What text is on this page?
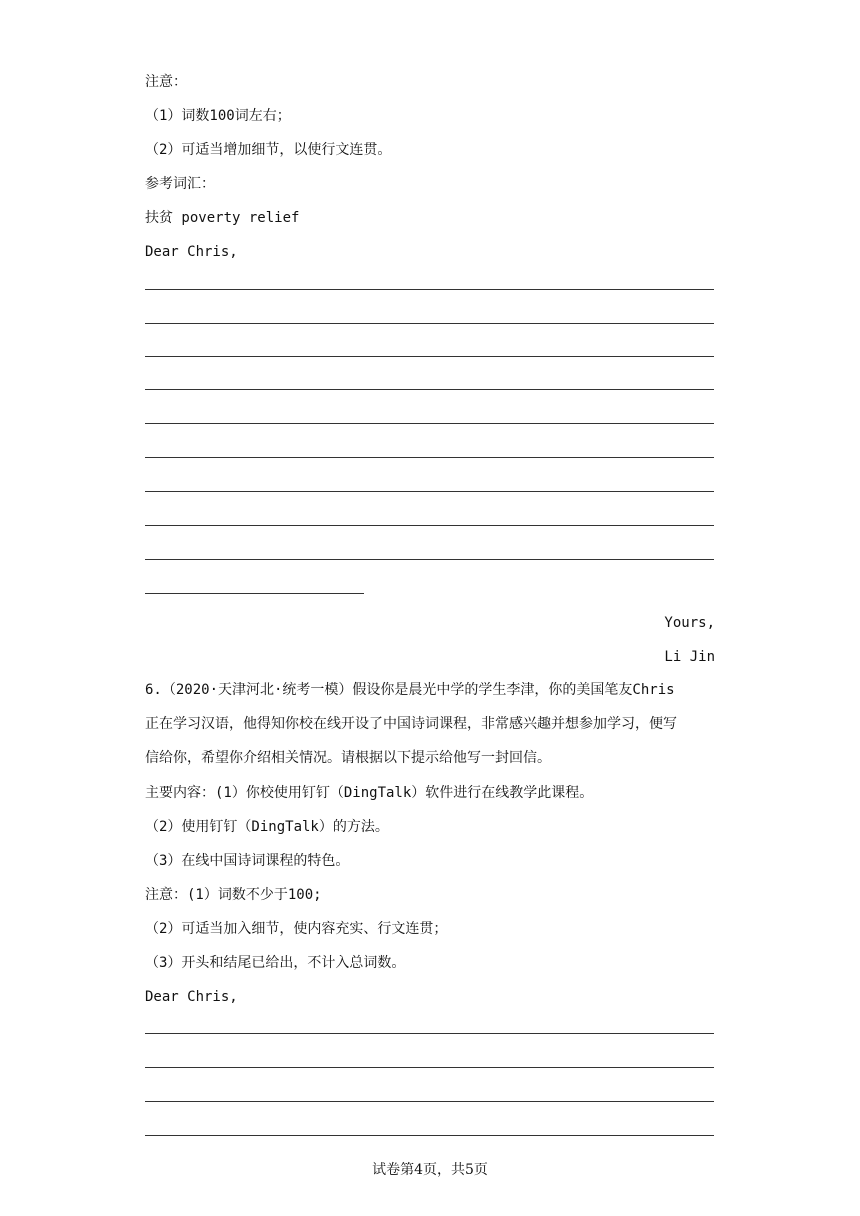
注意：
（1）词数100词左右；
（2）可适当增加细节，以使行文连贯。
参考词汇：
扶贫 poverty relief
Dear Chris,
Yours,
Li Jin
6.（2020·天津河北·统考一模）假设你是晨光中学的学生李津，你的美国笔友Chris
正在学习汉语，他得知你校在线开设了中国诗词课程，非常感兴趣并想参加学习，便写
信给你，希望你介绍相关情况。请根据以下提示给他写一封回信。
主要内容：(1）你校使用钉钉（DingTalk）软件进行在线教学此课程。
（2）使用钉钉（DingTalk）的方法。
（3）在线中国诗词课程的特色。
注意：(1）词数不少于100;
（2）可适当加入细节，使内容充实、行文连贯；
（3）开头和结尾已给出，不计入总词数。
Dear Chris,
试卷第4页，共5页
